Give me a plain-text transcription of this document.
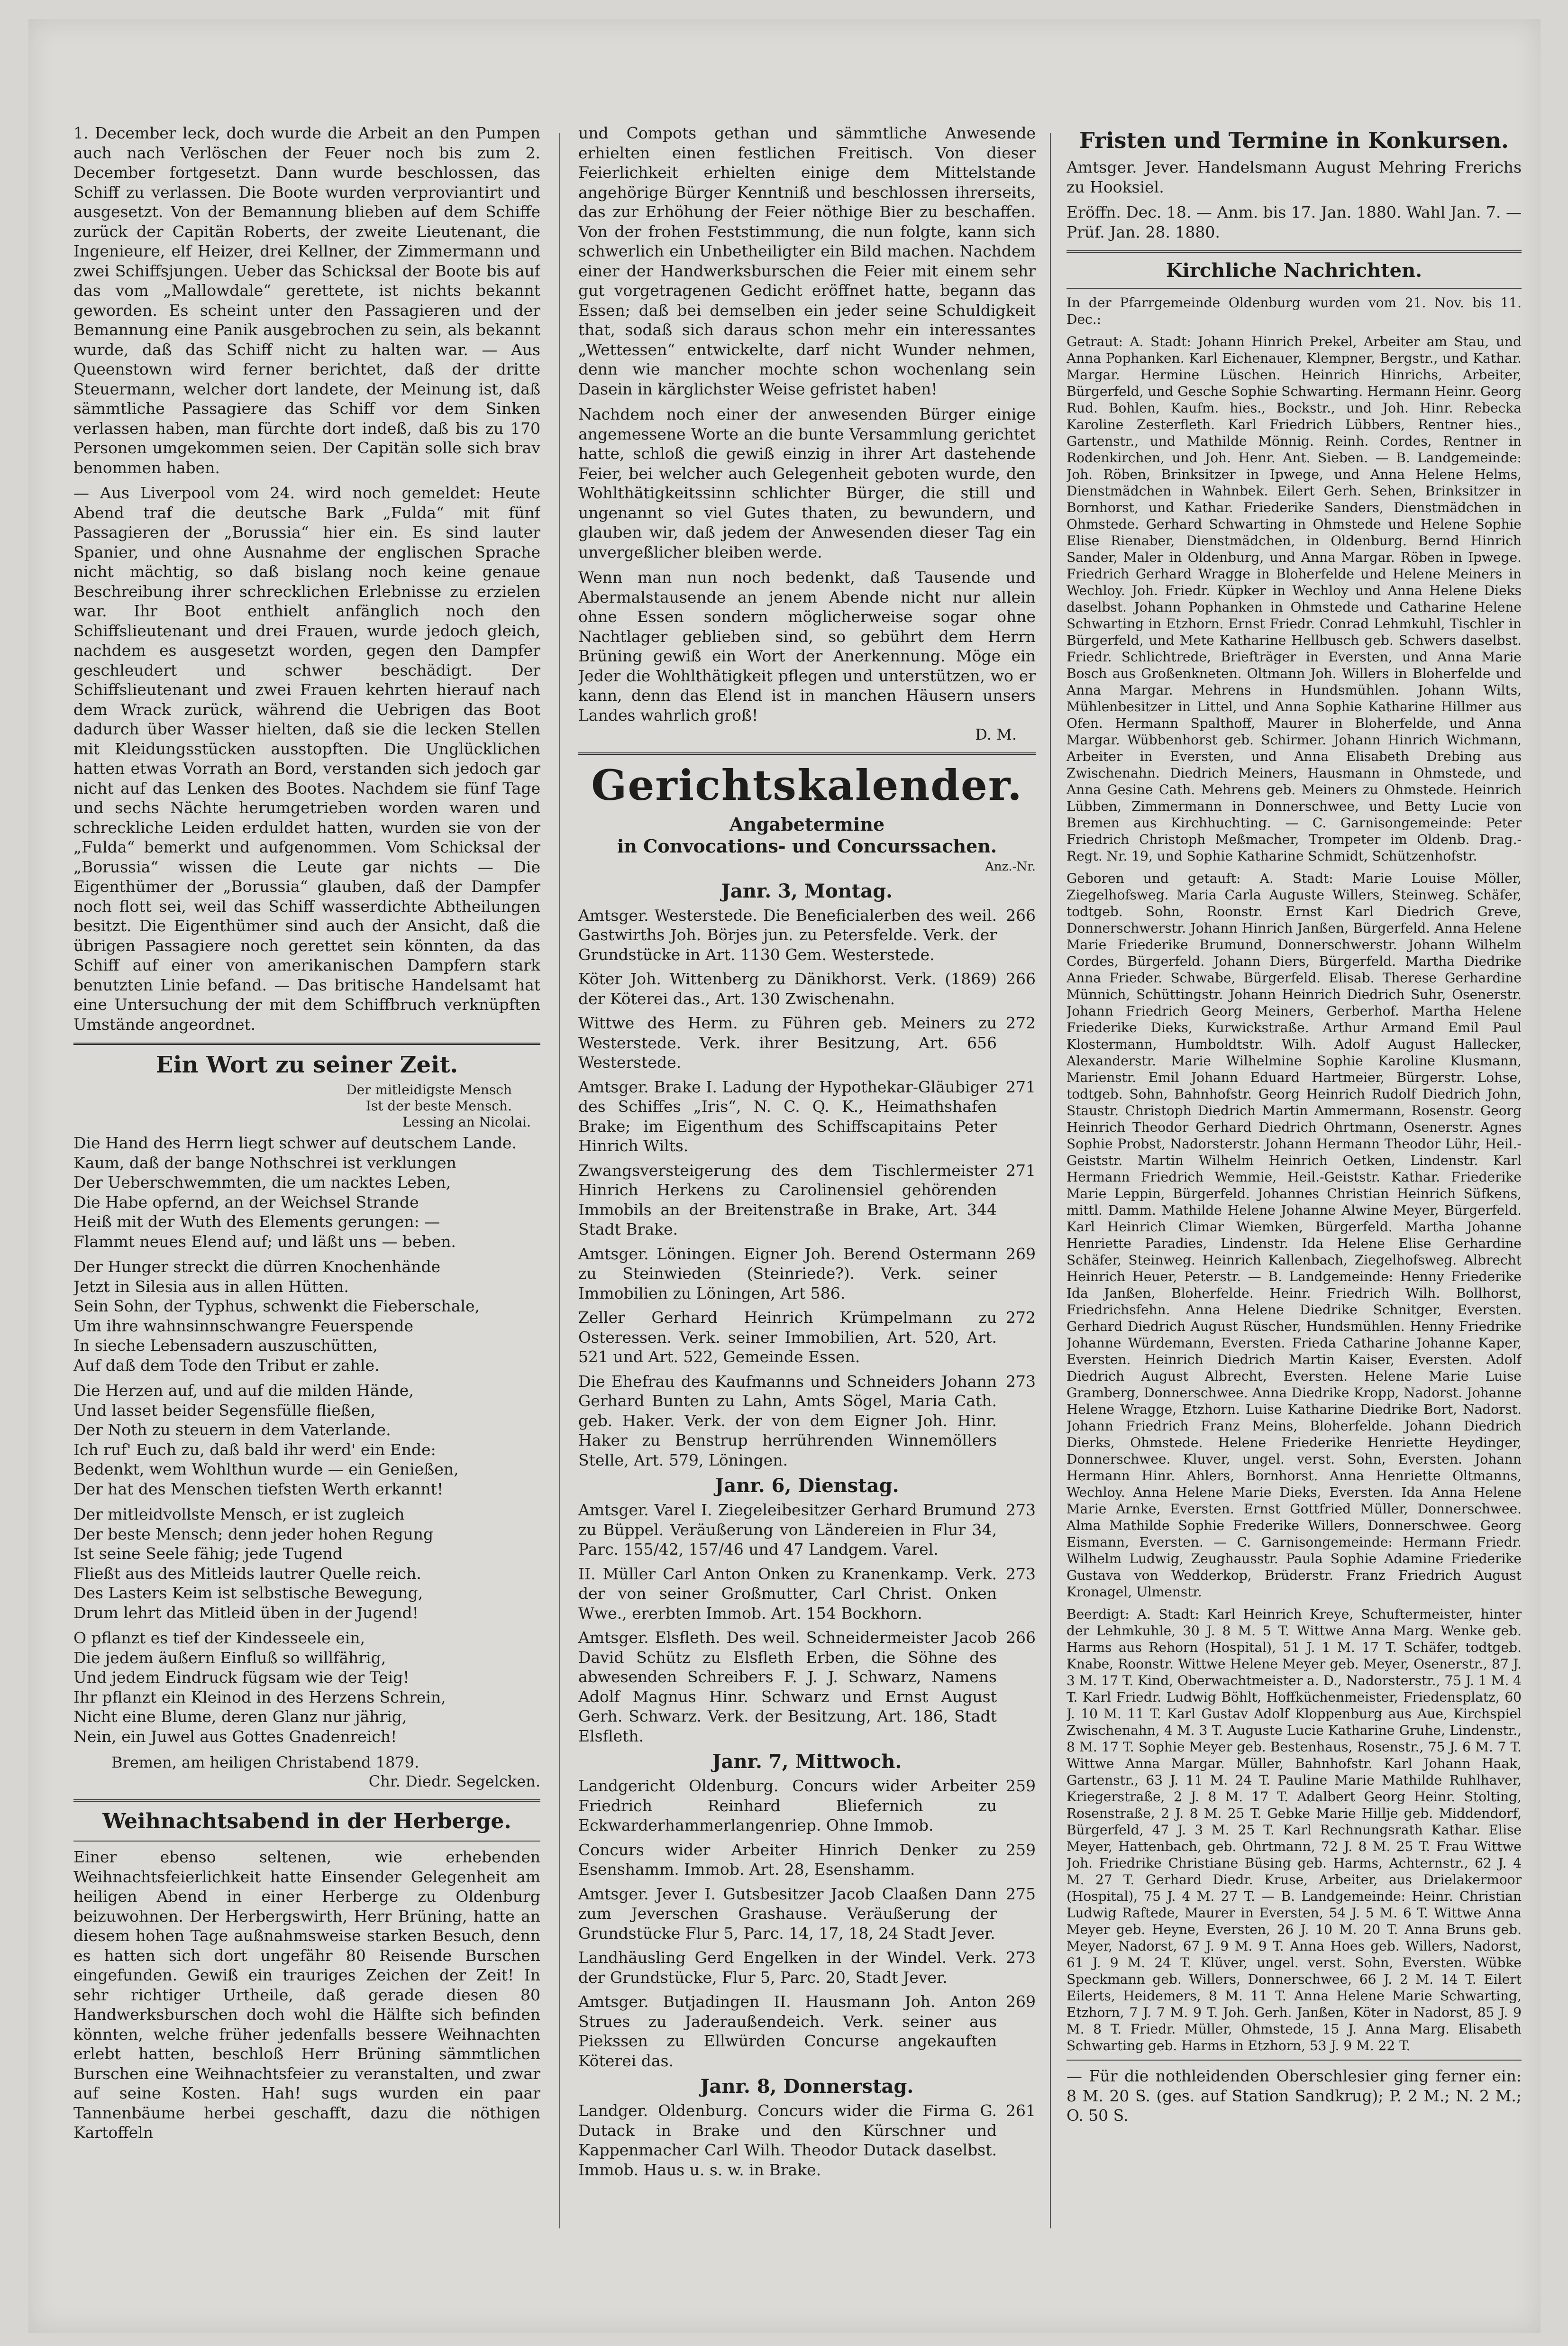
1. December leck, doch wurde die Arbeit an den Pumpen auch nach Verlöschen der Feuer noch bis zum 2. December fortgesetzt. Dann wurde beschlossen, das Schiff zu verlassen. Die Boote wurden verproviantirt und ausgesetzt. Von der Bemannung blieben auf dem Schiffe zurück der Capitän Roberts, der zweite Lieutenant, die Ingenieure, elf Heizer, drei Kellner, der Zimmermann und zwei Schiffsjungen. Ueber das Schicksal der Boote bis auf das vom „Mallowdale“ gerettete, ist nichts bekannt geworden. Es scheint unter den Passagieren und der Bemannung eine Panik ausgebrochen zu sein, als bekannt wurde, daß das Schiff nicht zu halten war. — Aus Queenstown wird ferner berichtet, daß der dritte Steuermann, welcher dort landete, der Meinung ist, daß sämmtliche Passagiere das Schiff vor dem Sinken verlassen haben, man fürchte dort indeß, daß bis zu 170 Personen umgekommen seien. Der Capitän solle sich brav benommen haben.

— Aus Liverpool vom 24. wird noch gemeldet: Heute Abend traf die deutsche Bark „Fulda“ mit fünf Passagieren der „Borussia“ hier ein. Es sind lauter Spanier, und ohne Ausnahme der englischen Sprache nicht mächtig, so daß bislang noch keine genaue Beschreibung ihrer schrecklichen Erlebnisse zu erzielen war. Ihr Boot enthielt anfänglich noch den Schiffslieutenant und drei Frauen, wurde jedoch gleich, nachdem es ausgesetzt worden, gegen den Dampfer geschleudert und schwer beschädigt. Der Schiffslieutenant und zwei Frauen kehrten hierauf nach dem Wrack zurück, während die Uebrigen das Boot dadurch über Wasser hielten, daß sie die lecken Stellen mit Kleidungsstücken ausstopften. Die Unglücklichen hatten etwas Vorrath an Bord, verstanden sich jedoch gar nicht auf das Lenken des Bootes. Nachdem sie fünf Tage und sechs Nächte herumgetrieben worden waren und schreckliche Leiden erduldet hatten, wurden sie von der „Fulda“ bemerkt und aufgenommen. Vom Schicksal der „Borussia“ wissen die Leute gar nichts — Die Eigenthümer der „Borussia“ glauben, daß der Dampfer noch flott sei, weil das Schiff wasserdichte Abtheilungen besitzt. Die Eigenthümer sind auch der Ansicht, daß die übrigen Passagiere noch gerettet sein könnten, da das Schiff auf einer von amerikanischen Dampfern stark benutzten Linie befand. — Das britische Handelsamt hat eine Untersuchung der mit dem Schiffbruch verknüpften Umstände angeordnet.

Ein Wort zu seiner Zeit.

Der mitleidigste Mensch

Ist der beste Mensch.

Lessing an Nicolai.

Die Hand des Herrn liegt schwer auf deutschem Lande.
Kaum, daß der bange Nothschrei ist verklungen
Der Ueberschwemmten, die um nacktes Leben,
Die Habe opfernd, an der Weichsel Strande
Heiß mit der Wuth des Elements gerungen: —
Flammt neues Elend auf; und läßt uns — beben.
Der Hunger streckt die dürren Knochenhände
Jetzt in Silesia aus in allen Hütten.
Sein Sohn, der Typhus, schwenkt die Fieberschale,
Um ihre wahnsinnschwangre Feuerspende
In sieche Lebensadern auszuschütten,
Auf daß dem Tode den Tribut er zahle.
Die Herzen auf, und auf die milden Hände,
Und lasset beider Segensfülle fließen,
Der Noth zu steuern in dem Vaterlande.
Ich ruf' Euch zu, daß bald ihr werd' ein Ende:
Bedenkt, wem Wohlthun wurde — ein Genießen,
Der hat des Menschen tiefsten Werth erkannt!
Der mitleidvollste Mensch, er ist zugleich
Der beste Mensch; denn jeder hohen Regung
Ist seine Seele fähig; jede Tugend
Fließt aus des Mitleids lautrer Quelle reich.
Des Lasters Keim ist selbstische Bewegung,
Drum lehrt das Mitleid üben in der Jugend!
O pflanzt es tief der Kindesseele ein,
Die jedem äußern Einfluß so willfährig,
Und jedem Eindruck fügsam wie der Teig!
Ihr pflanzt ein Kleinod in des Herzens Schrein,
Nicht eine Blume, deren Glanz nur jährig,
Nein, ein Juwel aus Gottes Gnadenreich!

Bremen, am heiligen Christabend 1879.

Chr. Diedr. Segelcken.

Weihnachtsabend in der Herberge.

Einer ebenso seltenen, wie erhebenden Weihnachtsfeierlichkeit hatte Einsender Gelegenheit am heiligen Abend in einer Herberge zu Oldenburg beizuwohnen. Der Herbergswirth, Herr Brüning, hatte an diesem hohen Tage außnahmsweise starken Besuch, denn es hatten sich dort ungefähr 80 Reisende Burschen eingefunden. Gewiß ein trauriges Zeichen der Zeit! In sehr richtiger Urtheile, daß gerade diesen 80 Handwerksburschen doch wohl die Hälfte sich befinden könnten, welche früher jedenfalls bessere Weihnachten erlebt hatten, beschloß Herr Brüning sämmtlichen Burschen eine Weihnachtsfeier zu veranstalten, und zwar auf seine Kosten. Hah! sugs wurden ein paar Tannenbäume herbei geschafft, dazu die nöthigen Kartoffeln

und Compots gethan und sämmtliche Anwesende erhielten einen festlichen Freitisch. Von dieser Feierlichkeit erhielten einige dem Mittelstande angehörige Bürger Kenntniß und beschlossen ihrerseits, das zur Erhöhung der Feier nöthige Bier zu beschaffen. Von der frohen Feststimmung, die nun folgte, kann sich schwerlich ein Unbetheiligter ein Bild machen. Nachdem einer der Handwerksburschen die Feier mit einem sehr gut vorgetragenen Gedicht eröffnet hatte, begann das Essen; daß bei demselben ein jeder seine Schuldigkeit that, sodaß sich daraus schon mehr ein interessantes „Wettessen“ entwickelte, darf nicht Wunder nehmen, denn wie mancher mochte schon wochenlang sein Dasein in kärglichster Weise gefristet haben!

Nachdem noch einer der anwesenden Bürger einige angemessene Worte an die bunte Versammlung gerichtet hatte, schloß die gewiß einzig in ihrer Art dastehende Feier, bei welcher auch Gelegenheit geboten wurde, den Wohlthätigkeitssinn schlichter Bürger, die still und ungenannt so viel Gutes thaten, zu bewundern, und glauben wir, daß jedem der Anwesenden dieser Tag ein unvergeßlicher bleiben werde.

Wenn man nun noch bedenkt, daß Tausende und Abermalstausende an jenem Abende nicht nur allein ohne Essen sondern möglicherweise sogar ohne Nachtlager geblieben sind, so gebührt dem Herrn Brüning gewiß ein Wort der Anerkennung. Möge ein Jeder die Wohlthätigkeit pflegen und unterstützen, wo er kann, denn das Elend ist in manchen Häusern unsers Landes wahrlich groß!

D. M.

Gerichtskalender.
Angabetermine
in Convocations- und Concurssachen.
Anz.-Nr.
Janr. 3, Montag.
Amtsger. Westerstede. Die Beneficialerben des weil. Gastwirths Joh. Börjes jun. zu Petersfelde. Verk. der Grundstücke in Art. 1130 Gem. Westerstede.
266
Köter Joh. Wittenberg zu Dänikhorst. Verk. (1869) der Köterei das., Art. 130 Zwischenahn.
266
Wittwe des Herm. zu Führen geb. Meiners zu Westerstede. Verk. ihrer Besitzung, Art. 656 Westerstede.
272
Amtsger. Brake I. Ladung der Hypothekar-Gläubiger des Schiffes „Iris“, N. C. Q. K., Heimathshafen Brake; im Eigenthum des Schiffscapitains Peter Hinrich Wilts.
271
Zwangsversteigerung des dem Tischlermeister Hinrich Herkens zu Carolinensiel gehörenden Immobils an der Breitenstraße in Brake, Art. 344 Stadt Brake.
271
Amtsger. Löningen. Eigner Joh. Berend Ostermann zu Steinwieden (Steinriede?). Verk. seiner Immobilien zu Löningen, Art 586.
269
Zeller Gerhard Heinrich Krümpelmann zu Osteressen. Verk. seiner Immobilien, Art. 520, Art. 521 und Art. 522, Gemeinde Essen.
272
Die Ehefrau des Kaufmanns und Schneiders Johann Gerhard Bunten zu Lahn, Amts Sögel, Maria Cath. geb. Haker. Verk. der von dem Eigner Joh. Hinr. Haker zu Benstrup herrührenden Winnemöllers Stelle, Art. 579, Löningen.
273
Janr. 6, Dienstag.
Amtsger. Varel I. Ziegeleibesitzer Gerhard Brumund zu Büppel. Veräußerung von Ländereien in Flur 34, Parc. 155/42, 157/46 und 47 Landgem. Varel.
273
II. Müller Carl Anton Onken zu Kranenkamp. Verk. der von seiner Großmutter, Carl Christ. Onken Wwe., ererbten Immob. Art. 154 Bockhorn.
273
Amtsger. Elsfleth. Des weil. Schneidermeister Jacob David Schütz zu Elsfleth Erben, die Söhne des abwesenden Schreibers F. J. J. Schwarz, Namens Adolf Magnus Hinr. Schwarz und Ernst August Gerh. Schwarz. Verk. der Besitzung, Art. 186, Stadt Elsfleth.
266
Janr. 7, Mittwoch.
Landgericht Oldenburg. Concurs wider Arbeiter Friedrich Reinhard Bliefernich zu Eckwarderhammerlangenriep. Ohne Immob.
259
Concurs wider Arbeiter Hinrich Denker zu Esenshamm. Immob. Art. 28, Esenshamm.
259
Amtsger. Jever I. Gutsbesitzer Jacob Claaßen Dann zum Jeverschen Grashause. Veräußerung der Grundstücke Flur 5, Parc. 14, 17, 18, 24 Stadt Jever.
275
Landhäusling Gerd Engelken in der Windel. Verk. der Grundstücke, Flur 5, Parc. 20, Stadt Jever.
273
Amtsger. Butjadingen II. Hausmann Joh. Anton Strues zu Jaderaußendeich. Verk. seiner aus Piekssen zu Ellwürden Concurse angekauften Köterei das.
269
Janr. 8, Donnerstag.
Landger. Oldenburg. Concurs wider die Firma G. Dutack in Brake und den Kürschner und Kappenmacher Carl Wilh. Theodor Dutack daselbst. Immob. Haus u. s. w. in Brake.
261
Fristen und Termine in Konkursen.

Amtsger. Jever. Handelsmann August Mehring Frerichs zu Hooksiel.

Eröffn. Dec. 18. — Anm. bis 17. Jan. 1880. Wahl Jan. 7. — Prüf. Jan. 28. 1880.

Kirchliche Nachrichten.

In der Pfarrgemeinde Oldenburg wurden vom 21. Nov. bis 11. Dec.:

Getraut: A. Stadt: Johann Hinrich Prekel, Arbeiter am Stau, und Anna Pophanken. Karl Eichenauer, Klempner, Bergstr., und Kathar. Margar. Hermine Lüschen. Heinrich Hinrichs, Arbeiter, Bürgerfeld, und Gesche Sophie Schwarting. Hermann Heinr. Georg Rud. Bohlen, Kaufm. hies., Bockstr., und Joh. Hinr. Rebecka Karoline Zesterfleth. Karl Friedrich Lübbers, Rentner hies., Gartenstr., und Mathilde Mönnig. Reinh. Cordes, Rentner in Rodenkirchen, und Joh. Henr. Ant. Sieben. — B. Landgemeinde: Joh. Röben, Brinksitzer in Ipwege, und Anna Helene Helms, Dienstmädchen in Wahnbek. Eilert Gerh. Sehen, Brinksitzer in Bornhorst, und Kathar. Friederike Sanders, Dienstmädchen in Ohmstede. Gerhard Schwarting in Ohmstede und Helene Sophie Elise Rienaber, Dienstmädchen, in Oldenburg. Bernd Hinrich Sander, Maler in Oldenburg, und Anna Margar. Röben in Ipwege. Friedrich Gerhard Wragge in Bloherfelde und Helene Meiners in Wechloy. Joh. Friedr. Küpker in Wechloy und Anna Helene Dieks daselbst. Johann Pophanken in Ohmstede und Catharine Helene Schwarting in Etzhorn. Ernst Friedr. Conrad Lehmkuhl, Tischler in Bürgerfeld, und Mete Katharine Hellbusch geb. Schwers daselbst. Friedr. Schlichtrede, Briefträger in Eversten, und Anna Marie Bosch aus Großenkneten. Oltmann Joh. Willers in Bloherfelde und Anna Margar. Mehrens in Hundsmühlen. Johann Wilts, Mühlenbesitzer in Littel, und Anna Sophie Katharine Hillmer aus Ofen. Hermann Spalthoff, Maurer in Bloherfelde, und Anna Margar. Wübbenhorst geb. Schirmer. Johann Hinrich Wichmann, Arbeiter in Eversten, und Anna Elisabeth Drebing aus Zwischenahn. Diedrich Meiners, Hausmann in Ohmstede, und Anna Gesine Cath. Mehrens geb. Meiners zu Ohmstede. Heinrich Lübben, Zimmermann in Donnerschwee, und Betty Lucie von Bremen aus Kirchhuchting. — C. Garnisongemeinde: Peter Friedrich Christoph Meßmacher, Trompeter im Oldenb. Drag.-Regt. Nr. 19, und Sophie Katharine Schmidt, Schützenhofstr.

Geboren und getauft: A. Stadt: Marie Louise Möller, Ziegelhofsweg. Maria Carla Auguste Willers, Steinweg. Schäfer, todtgeb. Sohn, Roonstr. Ernst Karl Diedrich Greve, Donnerschwerstr. Johann Hinrich Janßen, Bürgerfeld. Anna Helene Marie Friederike Brumund, Donnerschwerstr. Johann Wilhelm Cordes, Bürgerfeld. Johann Diers, Bürgerfeld. Martha Diedrike Anna Frieder. Schwabe, Bürgerfeld. Elisab. Therese Gerhardine Münnich, Schüttingstr. Johann Heinrich Diedrich Suhr, Osenerstr. Johann Friedrich Georg Meiners, Gerberhof. Martha Helene Friederike Dieks, Kurwickstraße. Arthur Armand Emil Paul Klostermann, Humboldtstr. Wilh. Adolf August Hallecker, Alexanderstr. Marie Wilhelmine Sophie Karoline Klusmann, Marienstr. Emil Johann Eduard Hartmeier, Bürgerstr. Lohse, todtgeb. Sohn, Bahnhofstr. Georg Heinrich Rudolf Diedrich John, Staustr. Christoph Diedrich Martin Ammermann, Rosenstr. Georg Heinrich Theodor Gerhard Diedrich Ohrtmann, Osenerstr. Agnes Sophie Probst, Nadorsterstr. Johann Hermann Theodor Lühr, Heil.-Geiststr. Martin Wilhelm Heinrich Oetken, Lindenstr. Karl Hermann Friedrich Wemmie, Heil.-Geiststr. Kathar. Friederike Marie Leppin, Bürgerfeld. Johannes Christian Heinrich Süfkens, mittl. Damm. Mathilde Helene Johanne Alwine Meyer, Bürgerfeld. Karl Heinrich Climar Wiemken, Bürgerfeld. Martha Johanne Henriette Paradies, Lindenstr. Ida Helene Elise Gerhardine Schäfer, Steinweg. Heinrich Kallenbach, Ziegelhofsweg. Albrecht Heinrich Heuer, Peterstr. — B. Landgemeinde: Henny Friederike Ida Janßen, Bloherfelde. Heinr. Friedrich Wilh. Bollhorst, Friedrichsfehn. Anna Helene Diedrike Schnitger, Eversten. Gerhard Diedrich August Rüscher, Hundsmühlen. Henny Friedrike Johanne Würdemann, Eversten. Frieda Catharine Johanne Kaper, Eversten. Heinrich Diedrich Martin Kaiser, Eversten. Adolf Diedrich August Albrecht, Eversten. Helene Marie Luise Gramberg, Donnerschwee. Anna Diedrike Kropp, Nadorst. Johanne Helene Wragge, Etzhorn. Luise Katharine Diedrike Bort, Nadorst. Johann Friedrich Franz Meins, Bloherfelde. Johann Diedrich Dierks, Ohmstede. Helene Friederike Henriette Heydinger, Donnerschwee. Kluver, ungel. verst. Sohn, Eversten. Johann Hermann Hinr. Ahlers, Bornhorst. Anna Henriette Oltmanns, Wechloy. Anna Helene Marie Dieks, Eversten. Ida Anna Helene Marie Arnke, Eversten. Ernst Gottfried Müller, Donnerschwee. Alma Mathilde Sophie Frederike Willers, Donnerschwee. Georg Eismann, Eversten. — C. Garnisongemeinde: Hermann Friedr. Wilhelm Ludwig, Zeughausstr. Paula Sophie Adamine Friederike Gustava von Wedderkop, Brüderstr. Franz Friedrich August Kronagel, Ulmenstr.

Beerdigt: A. Stadt: Karl Heinrich Kreye, Schuftermeister, hinter der Lehmkuhle, 30 J. 8 M. 5 T. Wittwe Anna Marg. Wenke geb. Harms aus Rehorn (Hospital), 51 J. 1 M. 17 T. Schäfer, todtgeb. Knabe, Roonstr. Wittwe Helene Meyer geb. Meyer, Osenerstr., 87 J. 3 M. 17 T. Kind, Oberwachtmeister a. D., Nadorsterstr., 75 J. 1 M. 4 T. Karl Friedr. Ludwig Böhlt, Hoffküchenmeister, Friedensplatz, 60 J. 10 M. 11 T. Karl Gustav Adolf Kloppenburg aus Aue, Kirchspiel Zwischenahn, 4 M. 3 T. Auguste Lucie Katharine Gruhe, Lindenstr., 8 M. 17 T. Sophie Meyer geb. Bestenhaus, Rosenstr., 75 J. 6 M. 7 T. Wittwe Anna Margar. Müller, Bahnhofstr. Karl Johann Haak, Gartenstr., 63 J. 11 M. 24 T. Pauline Marie Mathilde Ruhlhaver, Kriegerstraße, 2 J. 8 M. 17 T. Adalbert Georg Heinr. Stolting, Rosenstraße, 2 J. 8 M. 25 T. Gebke Marie Hillje geb. Middendorf, Bürgerfeld, 47 J. 3 M. 25 T. Karl Rechnungsrath Kathar. Elise Meyer, Hattenbach, geb. Ohrtmann, 72 J. 8 M. 25 T. Frau Wittwe Joh. Friedrike Christiane Büsing geb. Harms, Achternstr., 62 J. 4 M. 27 T. Gerhard Diedr. Kruse, Arbeiter, aus Drielakermoor (Hospital), 75 J. 4 M. 27 T. — B. Landgemeinde: Heinr. Christian Ludwig Raftede, Maurer in Eversten, 54 J. 5 M. 6 T. Wittwe Anna Meyer geb. Heyne, Eversten, 26 J. 10 M. 20 T. Anna Bruns geb. Meyer, Nadorst, 67 J. 9 M. 9 T. Anna Hoes geb. Willers, Nadorst, 61 J. 9 M. 24 T. Klüver, ungel. verst. Sohn, Eversten. Wübke Speckmann geb. Willers, Donnerschwee, 66 J. 2 M. 14 T. Eilert Eilerts, Heidemers, 8 M. 11 T. Anna Helene Marie Schwarting, Etzhorn, 7 J. 7 M. 9 T. Joh. Gerh. Janßen, Köter in Nadorst, 85 J. 9 M. 8 T. Friedr. Müller, Ohmstede, 15 J. Anna Marg. Elisabeth Schwarting geb. Harms in Etzhorn, 53 J. 9 M. 22 T.

— Für die nothleidenden Oberschlesier ging ferner ein: 8 M. 20 S. (ges. auf Station Sandkrug); P. 2 M.; N. 2 M.; O. 50 S.
